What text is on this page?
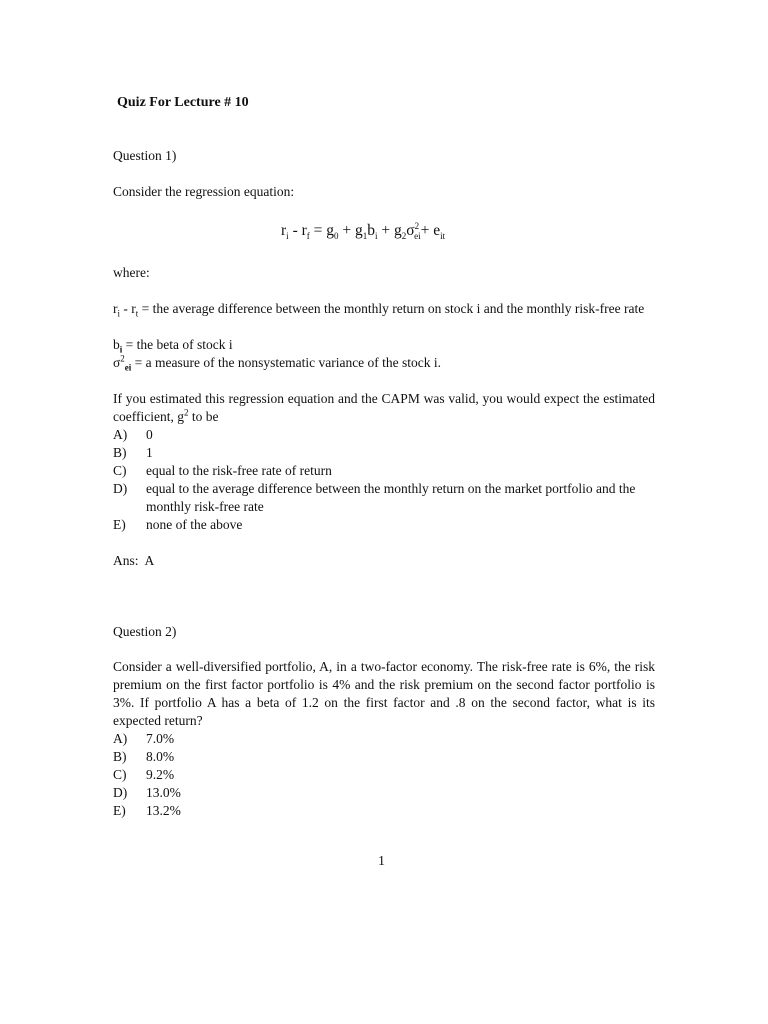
Quiz For Lecture # 10
Question 1)
Consider the regression equation:
$r_i - r_f = g_0 + g_1b_i + g_2\sigma^2_{ei}+ e_{it}$
where:
$r_i - r_t$ = the average difference between the monthly return on stock i and the monthly risk-free rate
$b_i$ = the beta of stock i
$\sigma^2_{ei} = a$ measure of the nonsystematic variance of the stock i.
If you estimated this regression equation and the CAPM was valid, you would expect the estimated coefficient, $g^2$ to be
A) 0
B) 1
C) equal to the risk-free rate of return
D) equal to the average difference between the monthly return on the market portfolio and the monthly risk-free rate
E) none of the above
Ans:  A
Question 2)
Consider a well-diversified portfolio, A, in a two-factor economy. The risk-free rate is 6%, the risk premium on the first factor portfolio is 4% and the risk premium on the second factor portfolio is 3%. If portfolio A has a beta of 1.2 on the first factor and .8 on the second factor, what is its expected return?
A) 7.0%
B) 8.0%
C) 9.2%
D) 13.0%
E) 13.2%
1
